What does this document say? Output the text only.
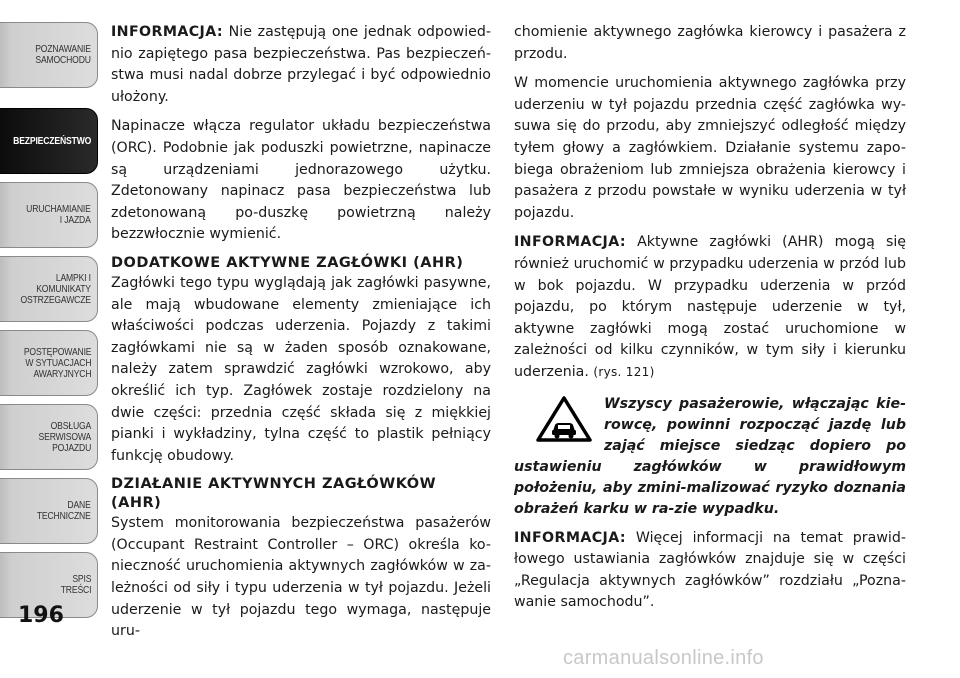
POZNAWANIE
SAMOCHODU
BEZPIECZEŃSTWO
URUCHAMIANIE
I JAZDA
LAMPKI I
KOMUNIKATY
OSTRZEGAWCZE
POSTĘPOWANIE
W SYTUACJACH
AWARYJNYCH
OBSŁUGA
SERWISOWA
POJAZDU
DANE
TECHNICZNE
SPIS
TREŚCI
196

INFORMACJA: Nie zastępują one jednak odpowied-nio zapiętego pasa bezpieczeństwa. Pas bezpieczeń-stwa musi nadal dobrze przylegać i być odpowiednio ułożony.

Napinacze włącza regulator układu bezpieczeństwa (ORC). Podobnie jak poduszki powietrzne, napinacze są urządzeniami jednorazowego użytku. Zdetonowany napinacz pasa bezpieczeństwa lub zdetonowaną po-duszkę powietrzną należy bezzwłocznie wymienić.

DODATKOWE AKTYWNE ZAGŁÓWKI (AHR)

Zagłówki tego typu wyglądają jak zagłówki pasywne, ale mają wbudowane elementy zmieniające ich właściwości podczas uderzenia. Pojazdy z takimi zagłówkami nie są w żaden sposób oznakowane, należy zatem sprawdzić zagłówki wzrokowo, aby określić ich typ. Zagłówek zostaje rozdzielony na dwie części: przednia część składa się z miękkiej pianki i wykładziny, tylna część to plastik pełniący funkcję obudowy.

DZIAŁANIE AKTYWNYCH ZAGŁÓWKÓW (AHR)

System monitorowania bezpieczeństwa pasażerów (Occupant Restraint Controller – ORC) określa ko-nieczność uruchomienia aktywnych zagłówków w za-leżności od siły i typu uderzenia w tył pojazdu. Jeżeli uderzenie w tył pojazdu tego wymaga, następuje uru-

chomienie aktywnego zagłówka kierowcy i pasażera z przodu.

W momencie uruchomienia aktywnego zagłówka przy uderzeniu w tył pojazdu przednia część zagłówka wy-suwa się do przodu, aby zmniejszyć odległość między tyłem głowy a zagłówkiem. Działanie systemu zapo-biega obrażeniom lub zmniejsza obrażenia kierowcy i pasażera z przodu powstałe w wyniku uderzenia w tył pojazdu.

INFORMACJA: Aktywne zagłówki (AHR) mogą się również uruchomić w przypadku uderzenia w przód lub w bok pojazdu. W przypadku uderzenia w przód pojazdu, po którym następuje uderzenie w tył, aktywne zagłówki mogą zostać uruchomione w zależności od kilku czynników, w tym siły i kierunku uderzenia. (rys. 121)

Wszyscy pasażerowie, włączając kie-rowcę, powinni rozpocząć jazdę lub zająć miejsce siedząc dopiero po ustawieniu zagłówków w prawidłowym położeniu, aby zmini-malizować ryzyko doznania obrażeń karku w ra-zie wypadku.

INFORMACJA: Więcej informacji na temat prawid-łowego ustawiania zagłówków znajduje się w części „Regulacja aktywnych zagłówków” rozdziału „Pozna-wanie samochodu”.

carmanualsonline.info
